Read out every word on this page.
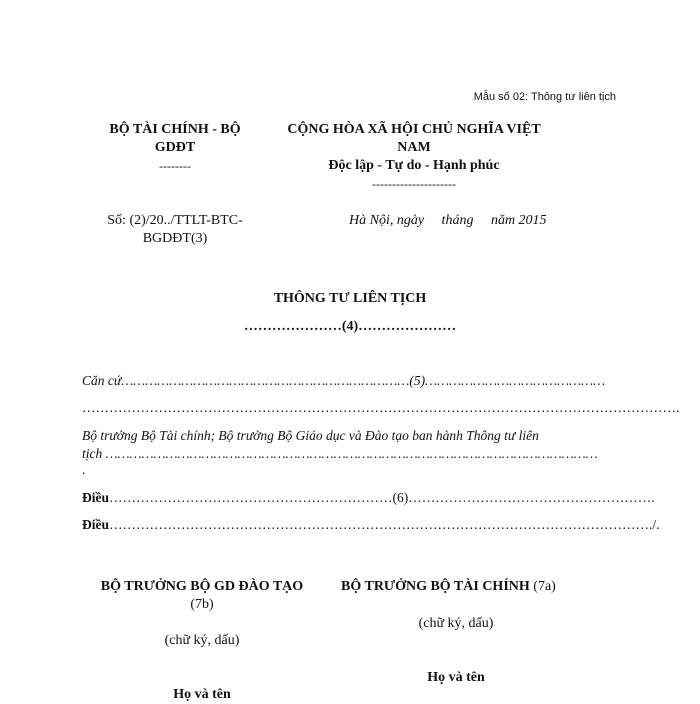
Mẫu số 02: Thông tư liên tịch
BỘ TÀI CHÍNH - BỘ
GDĐT
--------
CỘNG HÒA XÃ HỘI CHỦ NGHĨA VIỆT
NAM
Độc lập - Tự do - Hạnh phúc
---------------------
Số: (2)/20../TTLT-BTC-
BGDĐT(3)
Hà Nội, ngày     tháng     năm 2015
THÔNG TƯ LIÊN TỊCH
…………………(4)…………………
Căn cứ………………………………………………………………(5)………………………………………
…………………………………………………………………………………………………………………….
Bộ trưởng Bộ Tài chính; Bộ trưởng Bộ Giáo dục và Đào tạo ban hành Thông tư liên
tịch ……………………………………………………………………………………………………………
.
Điều………………………………………………………(6)……………………………………………….
Điều…………………………………………………………………………………………………………./.
BỘ TRƯỞNG BỘ GD ĐÀO TẠO
(7b)
(chữ ký, dấu)
Họ và tên
BỘ TRƯỞNG BỘ TÀI CHÍNH (7a)
(chữ ký, dấu)
Họ và tên
